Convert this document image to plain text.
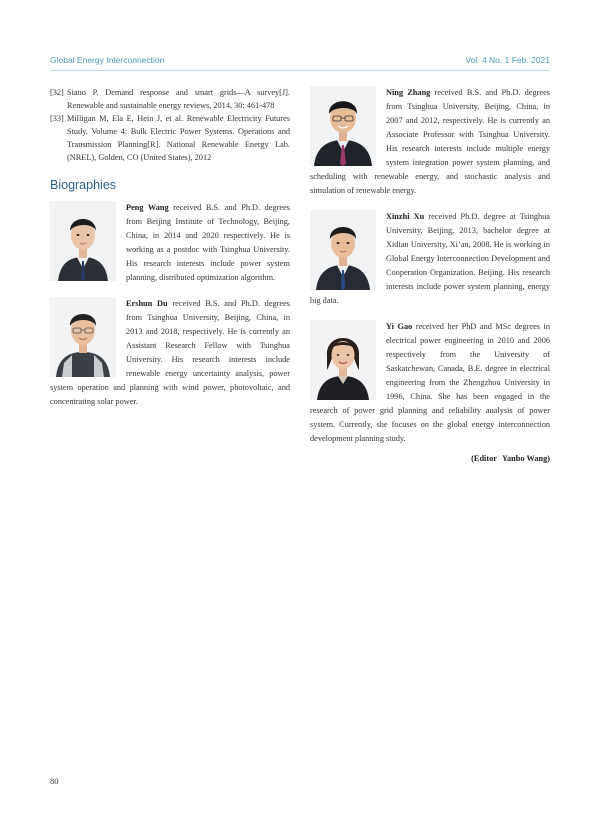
Global Energy Interconnection	Vol. 4 No. 1 Feb. 2021
[32] Siano P. Demand response and smart grids—A survey[J]. Renewable and sustainable energy reviews, 2014, 30: 461-478
[33] Milligan M, Ela E, Hein J, et al. Renewable Electricity Futures Study. Volume 4: Bulk Electric Power Systems. Operations and Transmission Planning[R]. National Renewable Energy Lab. (NREL), Golden, CO (United States), 2012
Biographies
Peng Wang received B.S. and Ph.D. degrees from Beijing Institute of Technology, Beijing, China, in 2014 and 2020 respectively. He is working as a postdoc with Tsinghua University. His research interests include power system planning, distributed optimization algorithm.
Ershun Du received B.S. and Ph.D. degrees from Tsinghua University, Beijing, China, in 2013 and 2018, respectively. He is currently an Assistant Research Fellow with Tsinghua University. His research interests include renewable energy uncertainty analysis, power system operation and planning with wind power, photovoltaic, and concentrating solar power.
Ning Zhang received B.S. and Ph.D. degrees from Tsinghua University, Beijing, China, in 2007 and 2012, respectively. He is currently an Associate Professor with Tsinghua University. His research interests include multiple energy system integration power system planning, and scheduling with renewable energy, and stochastic analysis and simulation of renewable energy.
Xinzhi Xu received Ph.D. degree at Tsinghua University, Beijing, 2013, bachelor degree at Xidian University, Xi’an, 2008. He is working in Global Energy Interconnection Development and Cooperation Organization, Beijing. His research interests include power system planning, energy big data.
Yi Gao received her PhD and MSc degrees in electrical power engineering in 2010 and 2006 respectively from the University of Saskatchewan, Canada, B.E. degree in electrical engineering from the Zhengzhou University in 1996, China. She has been engaged in the research of power grid planning and reliability analysis of power system. Currently, she focuses on the global energy interconnection development planning study.
(Editor Yanbo Wang)
80
